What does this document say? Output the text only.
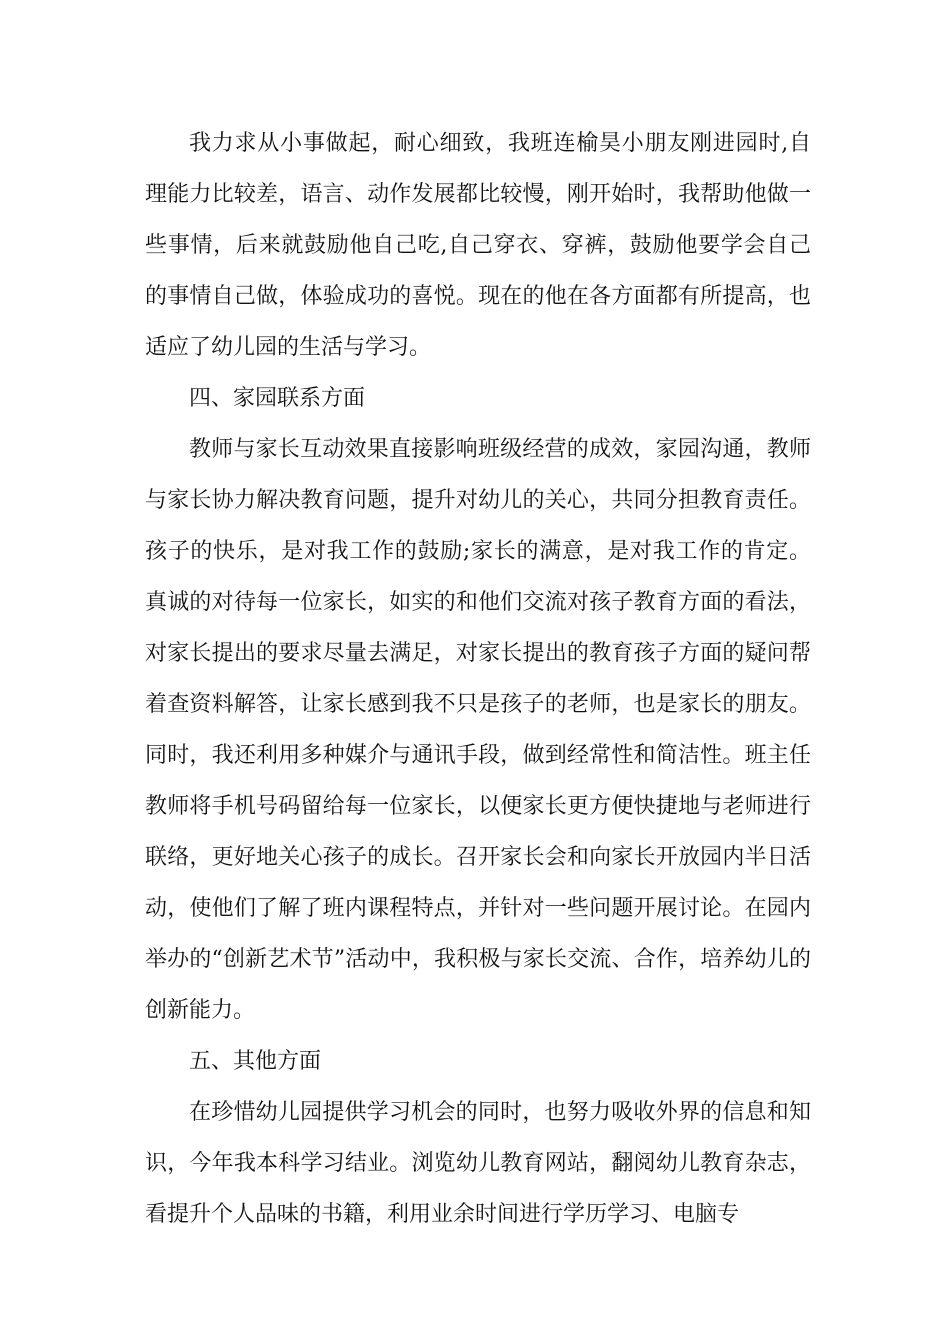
我力求从小事做起，耐心细致，我班连榆昊小朋友刚进园时,自理能力比较差，语言、动作发展都比较慢，刚开始时，我帮助他做一些事情，后来就鼓励他自己吃,自己穿衣、穿裤，鼓励他要学会自己的事情自己做，体验成功的喜悦。现在的他在各方面都有所提高，也适应了幼儿园的生活与学习。

四、家园联系方面

教师与家长互动效果直接影响班级经营的成效，家园沟通，教师与家长协力解决教育问题，提升对幼儿的关心，共同分担教育责任。孩子的快乐，是对我工作的鼓励;家长的满意，是对我工作的肯定。真诚的对待每一位家长，如实的和他们交流对孩子教育方面的看法，对家长提出的要求尽量去满足，对家长提出的教育孩子方面的疑问帮着查资料解答，让家长感到我不只是孩子的老师，也是家长的朋友。同时，我还利用多种媒介与通讯手段，做到经常性和简洁性。班主任教师将手机号码留给每一位家长，以便家长更方便快捷地与老师进行联络，更好地关心孩子的成长。召开家长会和向家长开放园内半日活动，使他们了解了班内课程特点，并针对一些问题开展讨论。在园内举办的“创新艺术节”活动中，我积极与家长交流、合作，培养幼儿的创新能力。

五、其他方面

在珍惜幼儿园提供学习机会的同时，也努力吸收外界的信息和知识，今年我本科学习结业。浏览幼儿教育网站，翻阅幼儿教育杂志，看提升个人品味的书籍，利用业余时间进行学历学习、电脑专
